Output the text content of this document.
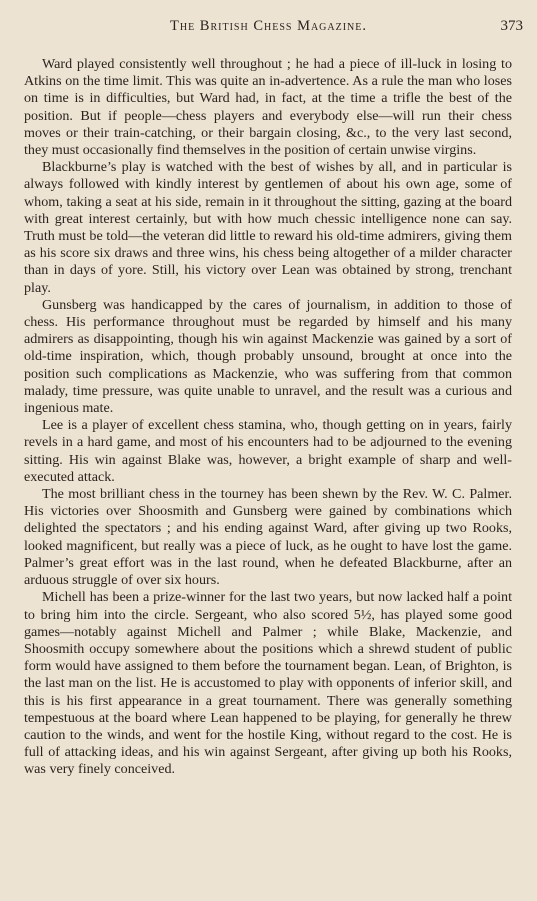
The British Chess Magazine.	373

Ward played consistently well throughout ; he had a piece of ill-luck in losing to Atkins on the time limit. This was quite an in-advertence. As a rule the man who loses on time is in difficulties, but Ward had, in fact, at the time a trifle the best of the position. But if people—chess players and everybody else—will run their chess moves or their train-catching, or their bargain closing, &c., to the very last second, they must occasionally find themselves in the position of certain unwise virgins.

Blackburne’s play is watched with the best of wishes by all, and in particular is always followed with kindly interest by gentlemen of about his own age, some of whom, taking a seat at his side, remain in it throughout the sitting, gazing at the board with great interest certainly, but with how much chessic intelligence none can say. Truth must be told—the veteran did little to reward his old-time admirers, giving them as his score six draws and three wins, his chess being altogether of a milder character than in days of yore. Still, his victory over Lean was obtained by strong, trenchant play.

Gunsberg was handicapped by the cares of journalism, in addition to those of chess. His performance throughout must be regarded by himself and his many admirers as disappointing, though his win against Mackenzie was gained by a sort of old-time inspiration, which, though probably unsound, brought at once into the position such complications as Mackenzie, who was suffering from that common malady, time pressure, was quite unable to unravel, and the result was a curious and ingenious mate.

Lee is a player of excellent chess stamina, who, though getting on in years, fairly revels in a hard game, and most of his encounters had to be adjourned to the evening sitting. His win against Blake was, however, a bright example of sharp and well-executed attack.

The most brilliant chess in the tourney has been shewn by the Rev. W. C. Palmer. His victories over Shoosmith and Gunsberg were gained by combinations which delighted the spectators ; and his ending against Ward, after giving up two Rooks, looked magnificent, but really was a piece of luck, as he ought to have lost the game. Palmer’s great effort was in the last round, when he defeated Blackburne, after an arduous struggle of over six hours.

Michell has been a prize-winner for the last two years, but now lacked half a point to bring him into the circle. Sergeant, who also scored 5½, has played some good games—notably against Michell and Palmer ; while Blake, Mackenzie, and Shoosmith occupy somewhere about the positions which a shrewd student of public form would have assigned to them before the tournament began. Lean, of Brighton, is the last man on the list. He is accustomed to play with opponents of inferior skill, and this is his first appearance in a great tournament. There was generally something tempestuous at the board where Lean happened to be playing, for generally he threw caution to the winds, and went for the hostile King, without regard to the cost. He is full of attacking ideas, and his win against Sergeant, after giving up both his Rooks, was very finely conceived.
